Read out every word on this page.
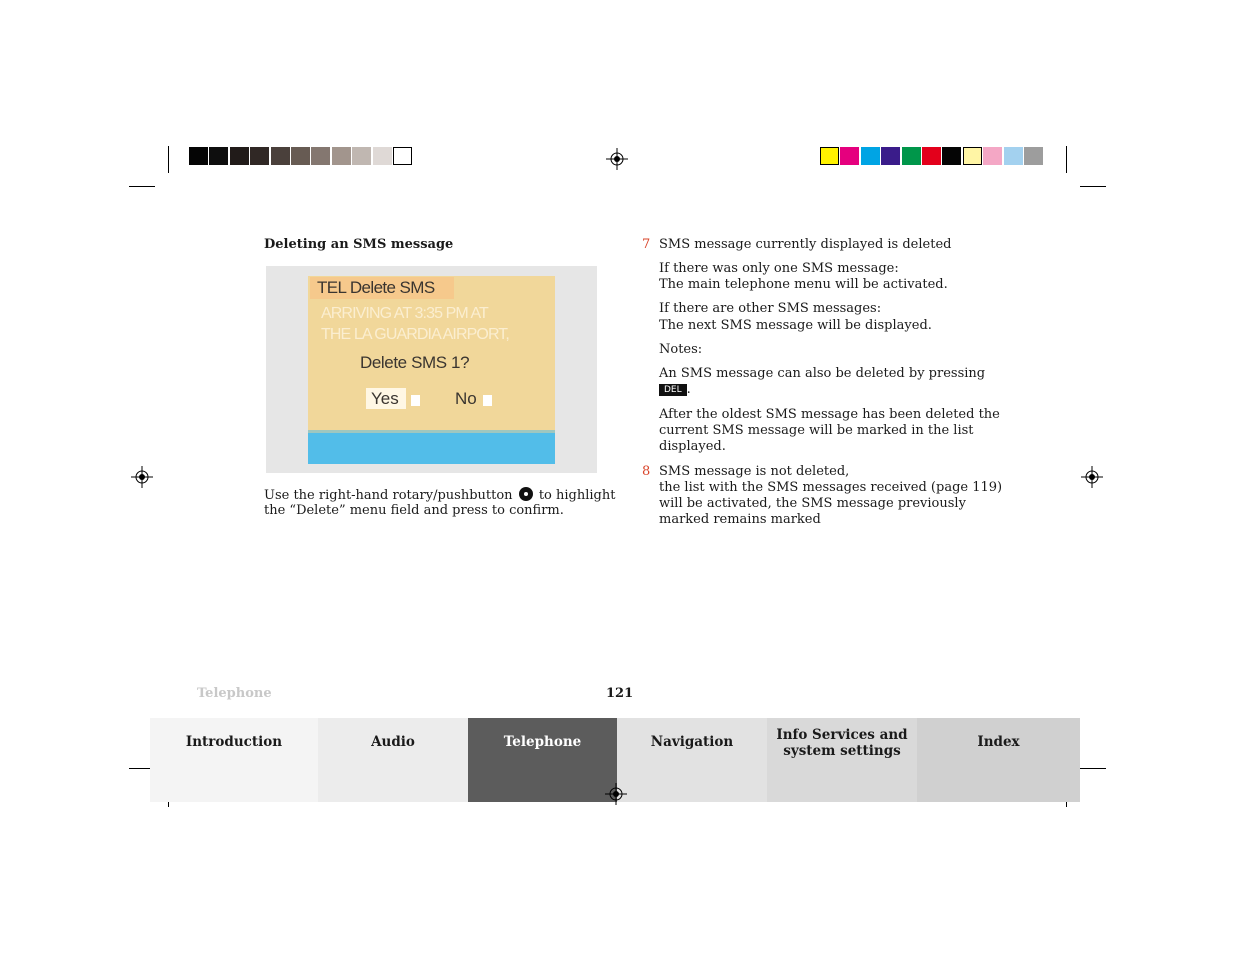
Deleting an SMS message
TEL Delete SMS
ARRIVING AT 3:35 PM AT
THE LA GUARDIA AIRPORT,
Delete SMS 1?
Yes	No
Use the right-hand rotary/pushbutton to highlight
the “Delete” menu field and press to confirm.
7 SMS message currently displayed is deleted
If there was only one SMS message:
The main telephone menu will be activated.
If there are other SMS messages:
The next SMS message will be displayed.
Notes:
An SMS message can also be deleted by pressing
DEL .
After the oldest SMS message has been deleted the
current SMS message will be marked in the list
displayed.
8 SMS message is not deleted,
the list with the SMS messages received (page 119)
will be activated, the SMS message previously
marked remains marked
Telephone	121
Introduction	Audio	Telephone	Navigation	Info Services and
system settings
Index
